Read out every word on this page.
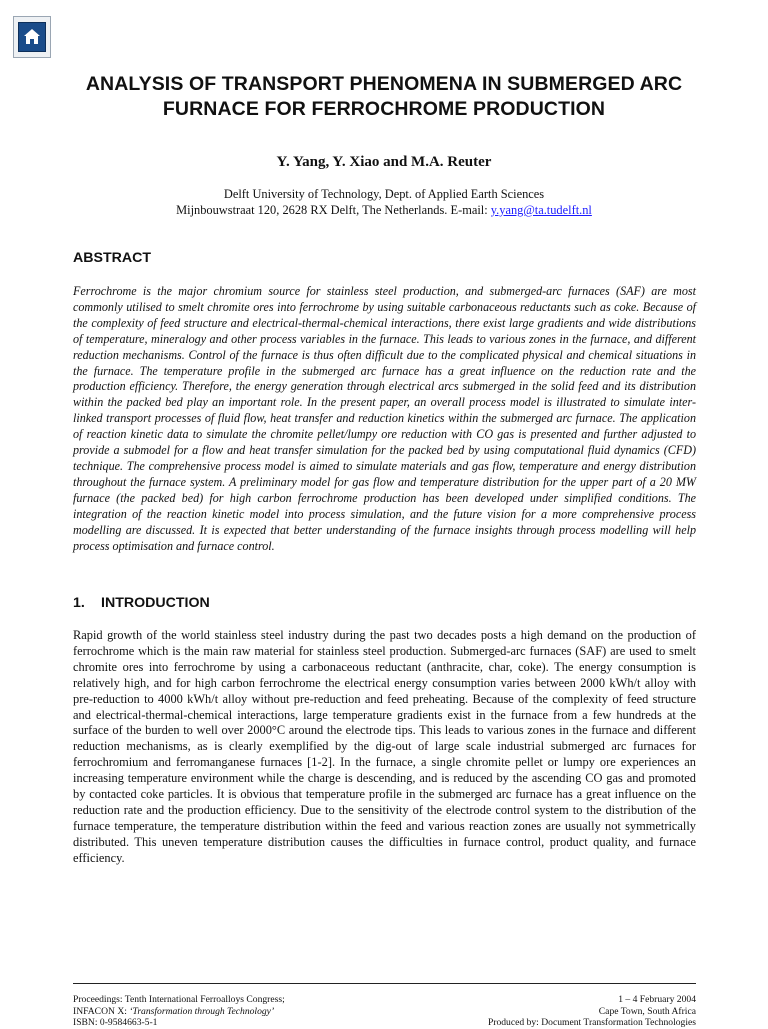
ANALYSIS OF TRANSPORT PHENOMENA IN SUBMERGED ARC FURNACE FOR FERROCHROME PRODUCTION
Y. Yang, Y. Xiao and M.A. Reuter
Delft University of Technology, Dept. of Applied Earth Sciences
Mijnbouwstraat 120, 2628 RX Delft, The Netherlands. E-mail: y.yang@ta.tudelft.nl
ABSTRACT

Ferrochrome is the major chromium source for stainless steel production, and submerged-arc furnaces (SAF) are most commonly utilised to smelt chromite ores into ferrochrome by using suitable carbonaceous reductants such as coke. Because of the complexity of feed structure and electrical-thermal-chemical interactions, there exist large gradients and wide distributions of temperature, mineralogy and other process variables in the furnace. This leads to various zones in the furnace, and different reduction mechanisms. Control of the furnace is thus often difficult due to the complicated physical and chemical situations in the furnace. The temperature profile in the submerged arc furnace has a great influence on the reduction rate and the production efficiency. Therefore, the energy generation through electrical arcs submerged in the solid feed and its distribution within the packed bed play an important role. In the present paper, an overall process model is illustrated to simulate inter-linked transport processes of fluid flow, heat transfer and reduction kinetics within the submerged arc furnace. The application of reaction kinetic data to simulate the chromite pellet/lumpy ore reduction with CO gas is presented and further adjusted to provide a submodel for a flow and heat transfer simulation for the packed bed by using computational fluid dynamics (CFD) technique. The comprehensive process model is aimed to simulate materials and gas flow, temperature and energy distribution throughout the furnace system. A preliminary model for gas flow and temperature distribution for the upper part of a 20 MW furnace (the packed bed) for high carbon ferrochrome production has been developed under simplified conditions. The integration of the reaction kinetic model into process simulation, and the future vision for a more comprehensive process modelling are discussed. It is expected that better understanding of the furnace insights through process modelling will help process optimisation and furnace control.

1. INTRODUCTION

Rapid growth of the world stainless steel industry during the past two decades posts a high demand on the production of ferrochrome which is the main raw material for stainless steel production. Submerged-arc furnaces (SAF) are used to smelt chromite ores into ferrochrome by using a carbonaceous reductant (anthracite, char, coke). The energy consumption is relatively high, and for high carbon ferrochrome the electrical energy consumption varies between 2000 kWh/t alloy with pre-reduction to 4000 kWh/t alloy without pre-reduction and feed preheating. Because of the complexity of feed structure and electrical-thermal-chemical interactions, large temperature gradients exist in the furnace from a few hundreds at the surface of the burden to well over 2000°C around the electrode tips. This leads to various zones in the furnace and different reduction mechanisms, as is clearly exemplified by the dig-out of large scale industrial submerged arc furnaces for ferrochromium and ferromanganese furnaces [1-2]. In the furnace, a single chromite pellet or lumpy ore experiences an increasing temperature environment while the charge is descending, and is reduced by the ascending CO gas and promoted by contacted coke particles. It is obvious that temperature profile in the submerged arc furnace has a great influence on the reduction rate and the production efficiency. Due to the sensitivity of the electrode control system to the distribution of the furnace temperature, the temperature distribution within the feed and various reaction zones are usually not symmetrically distributed. This uneven temperature distribution causes the difficulties in furnace control, product quality, and furnace efficiency.

Proceedings: Tenth International Ferroalloys Congress;
INFACON X: ‘Transformation through Technology’
ISBN: 0-9584663-5-1
1 – 4 February 2004
Cape Town, South Africa
Produced by: Document Transformation Technologies
